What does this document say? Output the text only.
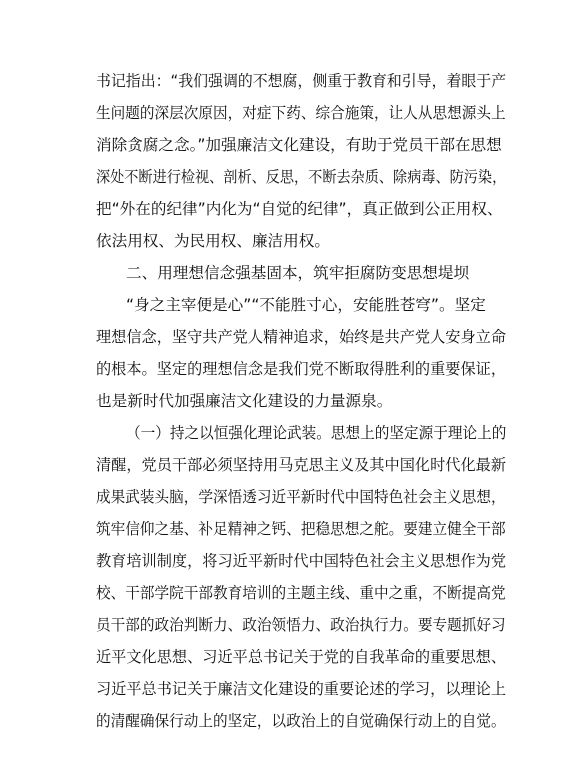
书记指出：“我们强调的不想腐，侧重于教育和引导，着眼于产
生问题的深层次原因，对症下药、综合施策，让人从思想源头上
消除贪腐之念。”加强廉洁文化建设，有助于党员干部在思想
深处不断进行检视、剖析、反思，不断去杂质、除病毒、防污染，
把“外在的纪律”内化为“自觉的纪律”，真正做到公正用权、
依法用权、为民用权、廉洁用权。
二、用理想信念强基固本，筑牢拒腐防变思想堤坝
“身之主宰便是心”“不能胜寸心，安能胜苍穹”。坚定
理想信念，坚守共产党人精神追求，始终是共产党人安身立命
的根本。坚定的理想信念是我们党不断取得胜利的重要保证，
也是新时代加强廉洁文化建设的力量源泉。
（一）持之以恒强化理论武装。思想上的坚定源于理论上的
清醒，党员干部必须坚持用马克思主义及其中国化时代化最新
成果武装头脑，学深悟透习近平新时代中国特色社会主义思想，
筑牢信仰之基、补足精神之钙、把稳思想之舵。要建立健全干部
教育培训制度，将习近平新时代中国特色社会主义思想作为党
校、干部学院干部教育培训的主题主线、重中之重，不断提高党
员干部的政治判断力、政治领悟力、政治执行力。要专题抓好习
近平文化思想、习近平总书记关于党的自我革命的重要思想、
习近平总书记关于廉洁文化建设的重要论述的学习，以理论上
的清醒确保行动上的坚定，以政治上的自觉确保行动上的自觉。
